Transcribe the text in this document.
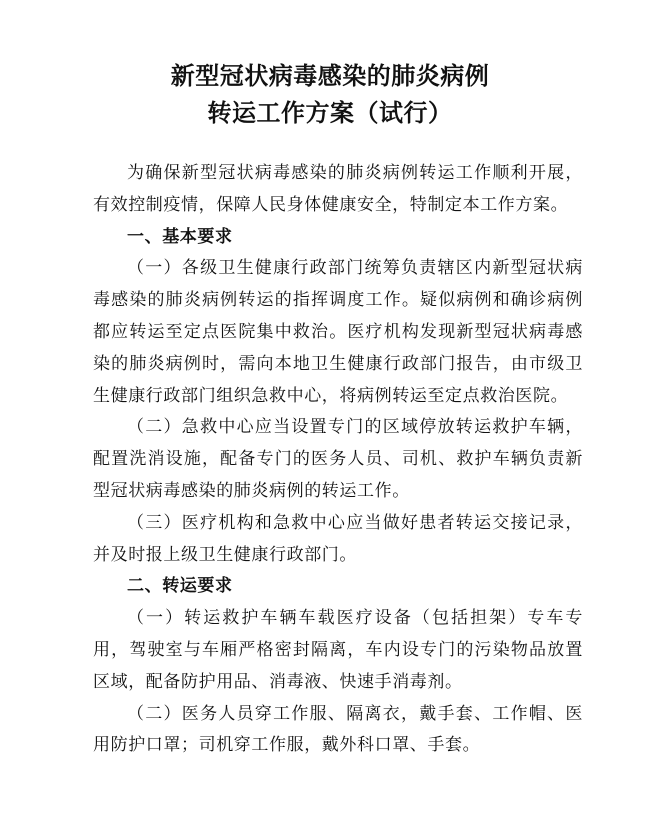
新型冠状病毒感染的肺炎病例
转运工作方案（试行）

为确保新型冠状病毒感染的肺炎病例转运工作顺利开展，有效控制疫情，保障人民身体健康安全，特制定本工作方案。

一、基本要求

（一）各级卫生健康行政部门统筹负责辖区内新型冠状病毒感染的肺炎病例转运的指挥调度工作。疑似病例和确诊病例都应转运至定点医院集中救治。医疗机构发现新型冠状病毒感染的肺炎病例时，需向本地卫生健康行政部门报告，由市级卫生健康行政部门组织急救中心，将病例转运至定点救治医院。

（二）急救中心应当设置专门的区域停放转运救护车辆，配置洗消设施，配备专门的医务人员、司机、救护车辆负责新型冠状病毒感染的肺炎病例的转运工作。

（三）医疗机构和急救中心应当做好患者转运交接记录，并及时报上级卫生健康行政部门。

二、转运要求

（一）转运救护车辆车载医疗设备（包括担架）专车专用，驾驶室与车厢严格密封隔离，车内设专门的污染物品放置区域，配备防护用品、消毒液、快速手消毒剂。

（二）医务人员穿工作服、隔离衣，戴手套、工作帽、医用防护口罩；司机穿工作服，戴外科口罩、手套。
